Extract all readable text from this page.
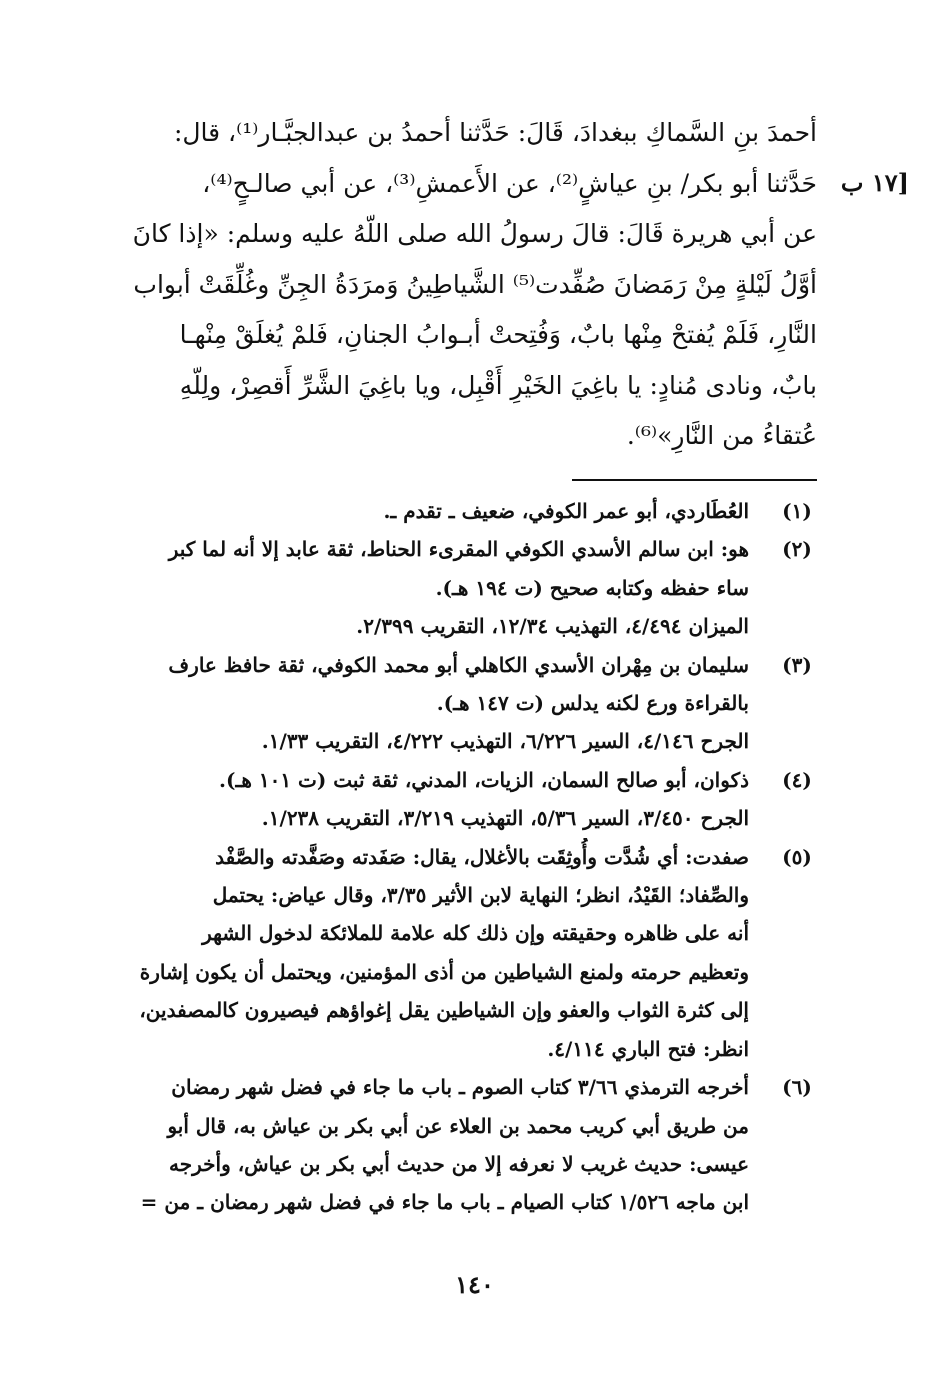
[١٧ ب
أحمدَ بنِ السَّماكِ ببغدادَ، قَالَ: حَدَّثنا أحمدُ بن عبدالجبَّـار⁽¹⁾، قال:
حَدَّثنا أبو بكر/ بنِ عياشٍ⁽²⁾، عن الأَعمشِ⁽³⁾، عن أبي صالـحٍ⁽⁴⁾،
عن أبي هريرة قَالَ: قالَ رسولُ الله صلى اللّهُ عليه وسلم: «إذا كانَ
أوَّلُ لَيْلةٍ مِنْ رَمَضانَ صُفِّدت⁽⁵⁾ الشَّياطِينُ وَمرَدَةُ الجِنِّ وغُلِّقَتْ أبواب
النَّارِ، فَلَمْ يُفتحْ مِنْها بابٌ، وَفُتِحتْ أبـوابُ الجنانِ، فَلمْ يُغلَقْ مِنْهـا
بابٌ، ونادى مُنادٍ: يا باغِيَ الخَيْرِ أَقْبِل، ويا باغِيَ الشَّرِّ أَقصِرْ، ولِلّهِ
عُتقاءُ من النَّارِ»⁽⁶⁾.
(١)
العُطَاردي، أبو عمر الكوفي، ضعيف ـ تقدم ـ.
(٢)
هو: ابن سالم الأسدي الكوفي المقرىء الحناط، ثقة عابد إلا أنه لما كبر
ساء حفظه وكتابه صحيح (ت ١٩٤ هـ).
الميزان ٤/٤٩٤، التهذيب ١٢/٣٤، التقريب ٢/٣٩٩.
(٣)
سليمان بن مِهْران الأسدي الكاهلي أبو محمد الكوفي، ثقة حافظ عارف
بالقراءة ورع لكنه يدلس (ت ١٤٧ هـ).
الجرح ٤/١٤٦، السير ٦/٢٢٦، التهذيب ٤/٢٢٢، التقريب ١/٣٣.
(٤)
ذكوان، أبو صالح السمان، الزيات، المدني، ثقة ثبت (ت ١٠١ هـ).
الجرح ٣/٤٥٠، السير ٥/٣٦، التهذيب ٣/٢١٩، التقريب ١/٢٣٨.
(٥)
صفدت: أي شُدَّت وأُوثِقَت بالأغلال، يقال: صَفَدته وصَفَّدته والصَّفْد
والصِّفاد؛ القَيْدُ، انظر؛ النهاية لابن الأثير ٣/٣٥، وقال عياض: يحتمل
أنه على ظاهره وحقيقته وإن ذلك كله علامة للملائكة لدخول الشهر
وتعظيم حرمته ولمنع الشياطين من أذى المؤمنين، ويحتمل أن يكون إشارة
إلى كثرة الثواب والعفو وإن الشياطين يقل إغواؤهم فيصيرون كالمصفدين،
انظر: فتح الباري ٤/١١٤.
(٦)
أخرجه الترمذي ٣/٦٦ كتاب الصوم ـ باب ما جاء في فضل شهر رمضان
من طريق أبي كريب محمد بن العلاء عن أبي بكر بن عياش به، قال أبو
عيسى: حديث غريب لا نعرفه إلا من حديث أبي بكر بن عياش، وأخرجه
ابن ماجه ١/٥٢٦ كتاب الصيام ـ باب ما جاء في فضل شهر رمضان ـ من =
١٤٠
